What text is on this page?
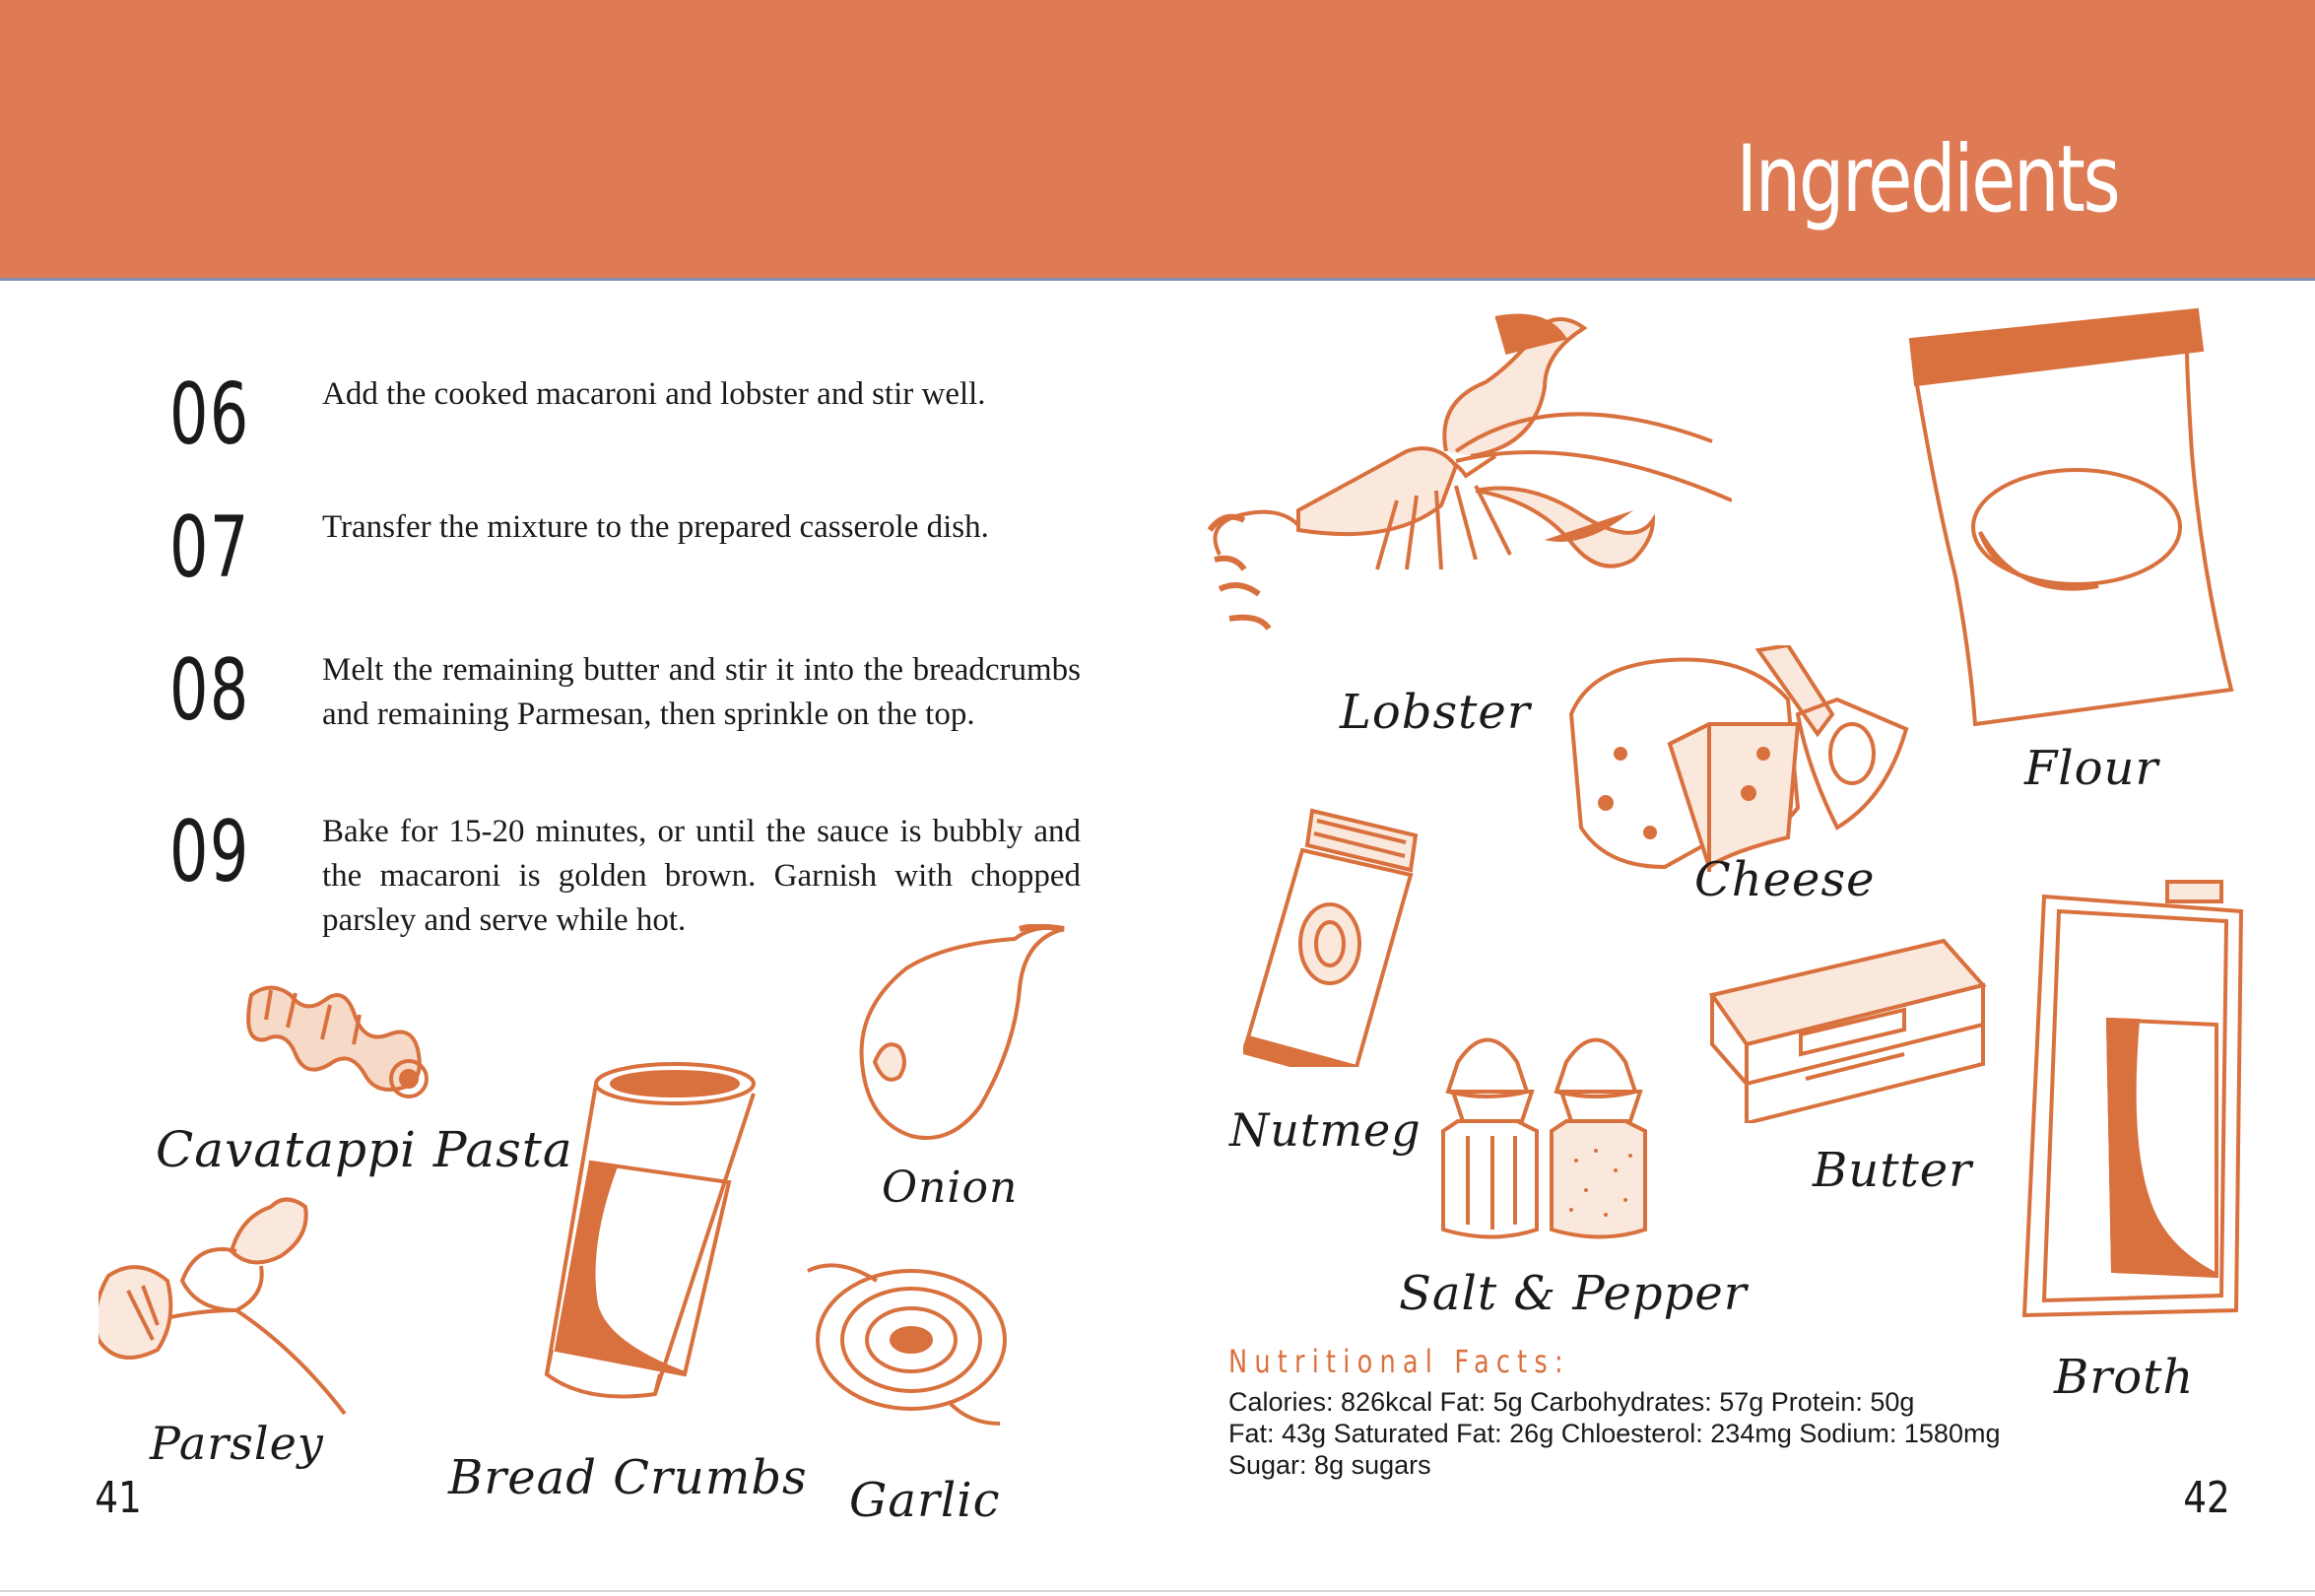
Ingredients
06 Add the cooked macaroni and lobster and stir well.
07 Transfer the mixture to the prepared casserole dish.
08 Melt the remaining butter and stir it into the breadcrumbs and remaining Parmesan, then sprinkle on the top.
09 Bake for 15-20 minutes, or until the sauce is bubbly and the macaroni is golden brown. Garnish with chopped parsley and serve while hot.
Cavatappi Pasta
Parsley
Bread Crumbs
Onion
Garlic
Lobster
Flour
Cheese
Nutmeg
Salt & Pepper
Butter
Broth
Nutritional Facts:
Calories: 826kcal Fat: 5g Carbohydrates: 57g Protein: 50g
Fat: 43g Saturated Fat: 26g Chloesterol: 234mg Sodium: 1580mg
Sugar: 8g sugars
41	42
